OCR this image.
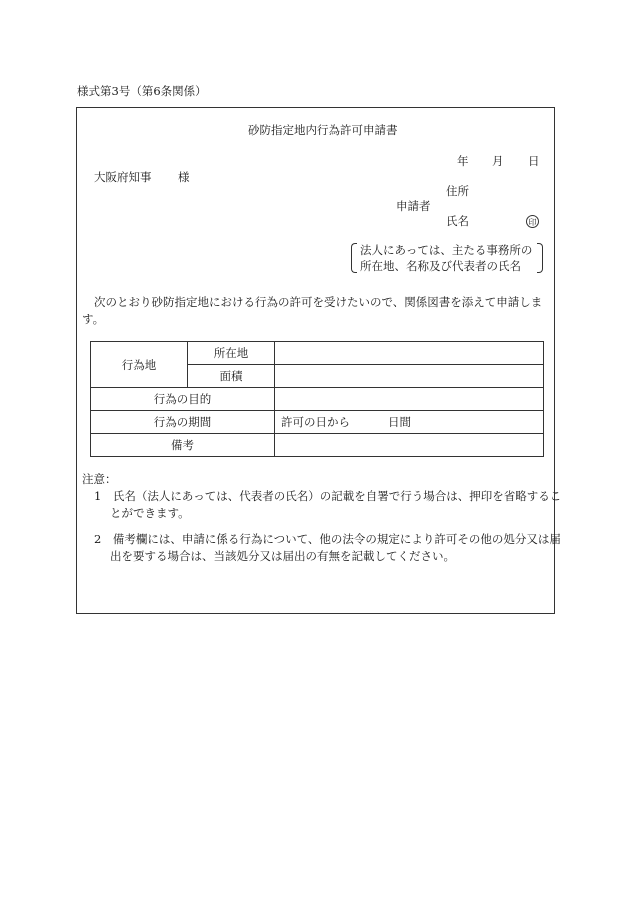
様式第3号（第6条関係）
砂防指定地内行為許可申請書
年 月 日
大阪府知事 様
住所
申請者
氏名	印
法人にあっては、主たる事務所の
所在地、名称及び代表者の氏名
次のとおり砂防指定地における行為の許可を受けたいので、関係図書を添えて申請します。
行為地	所在地	
	面積	
行為の目的		
行為の期間		許可の日から 日間
備考		
注意：
1　 氏名（法人にあっては、代表者の氏名）の記載を自署で行う場合は、押印を省略することができます。
2　 備考欄には、申請に係る行為について、他の法令の規定により許可その他の処分又は届出を要する場合は、当該処分又は届出の有無を記載してください。
